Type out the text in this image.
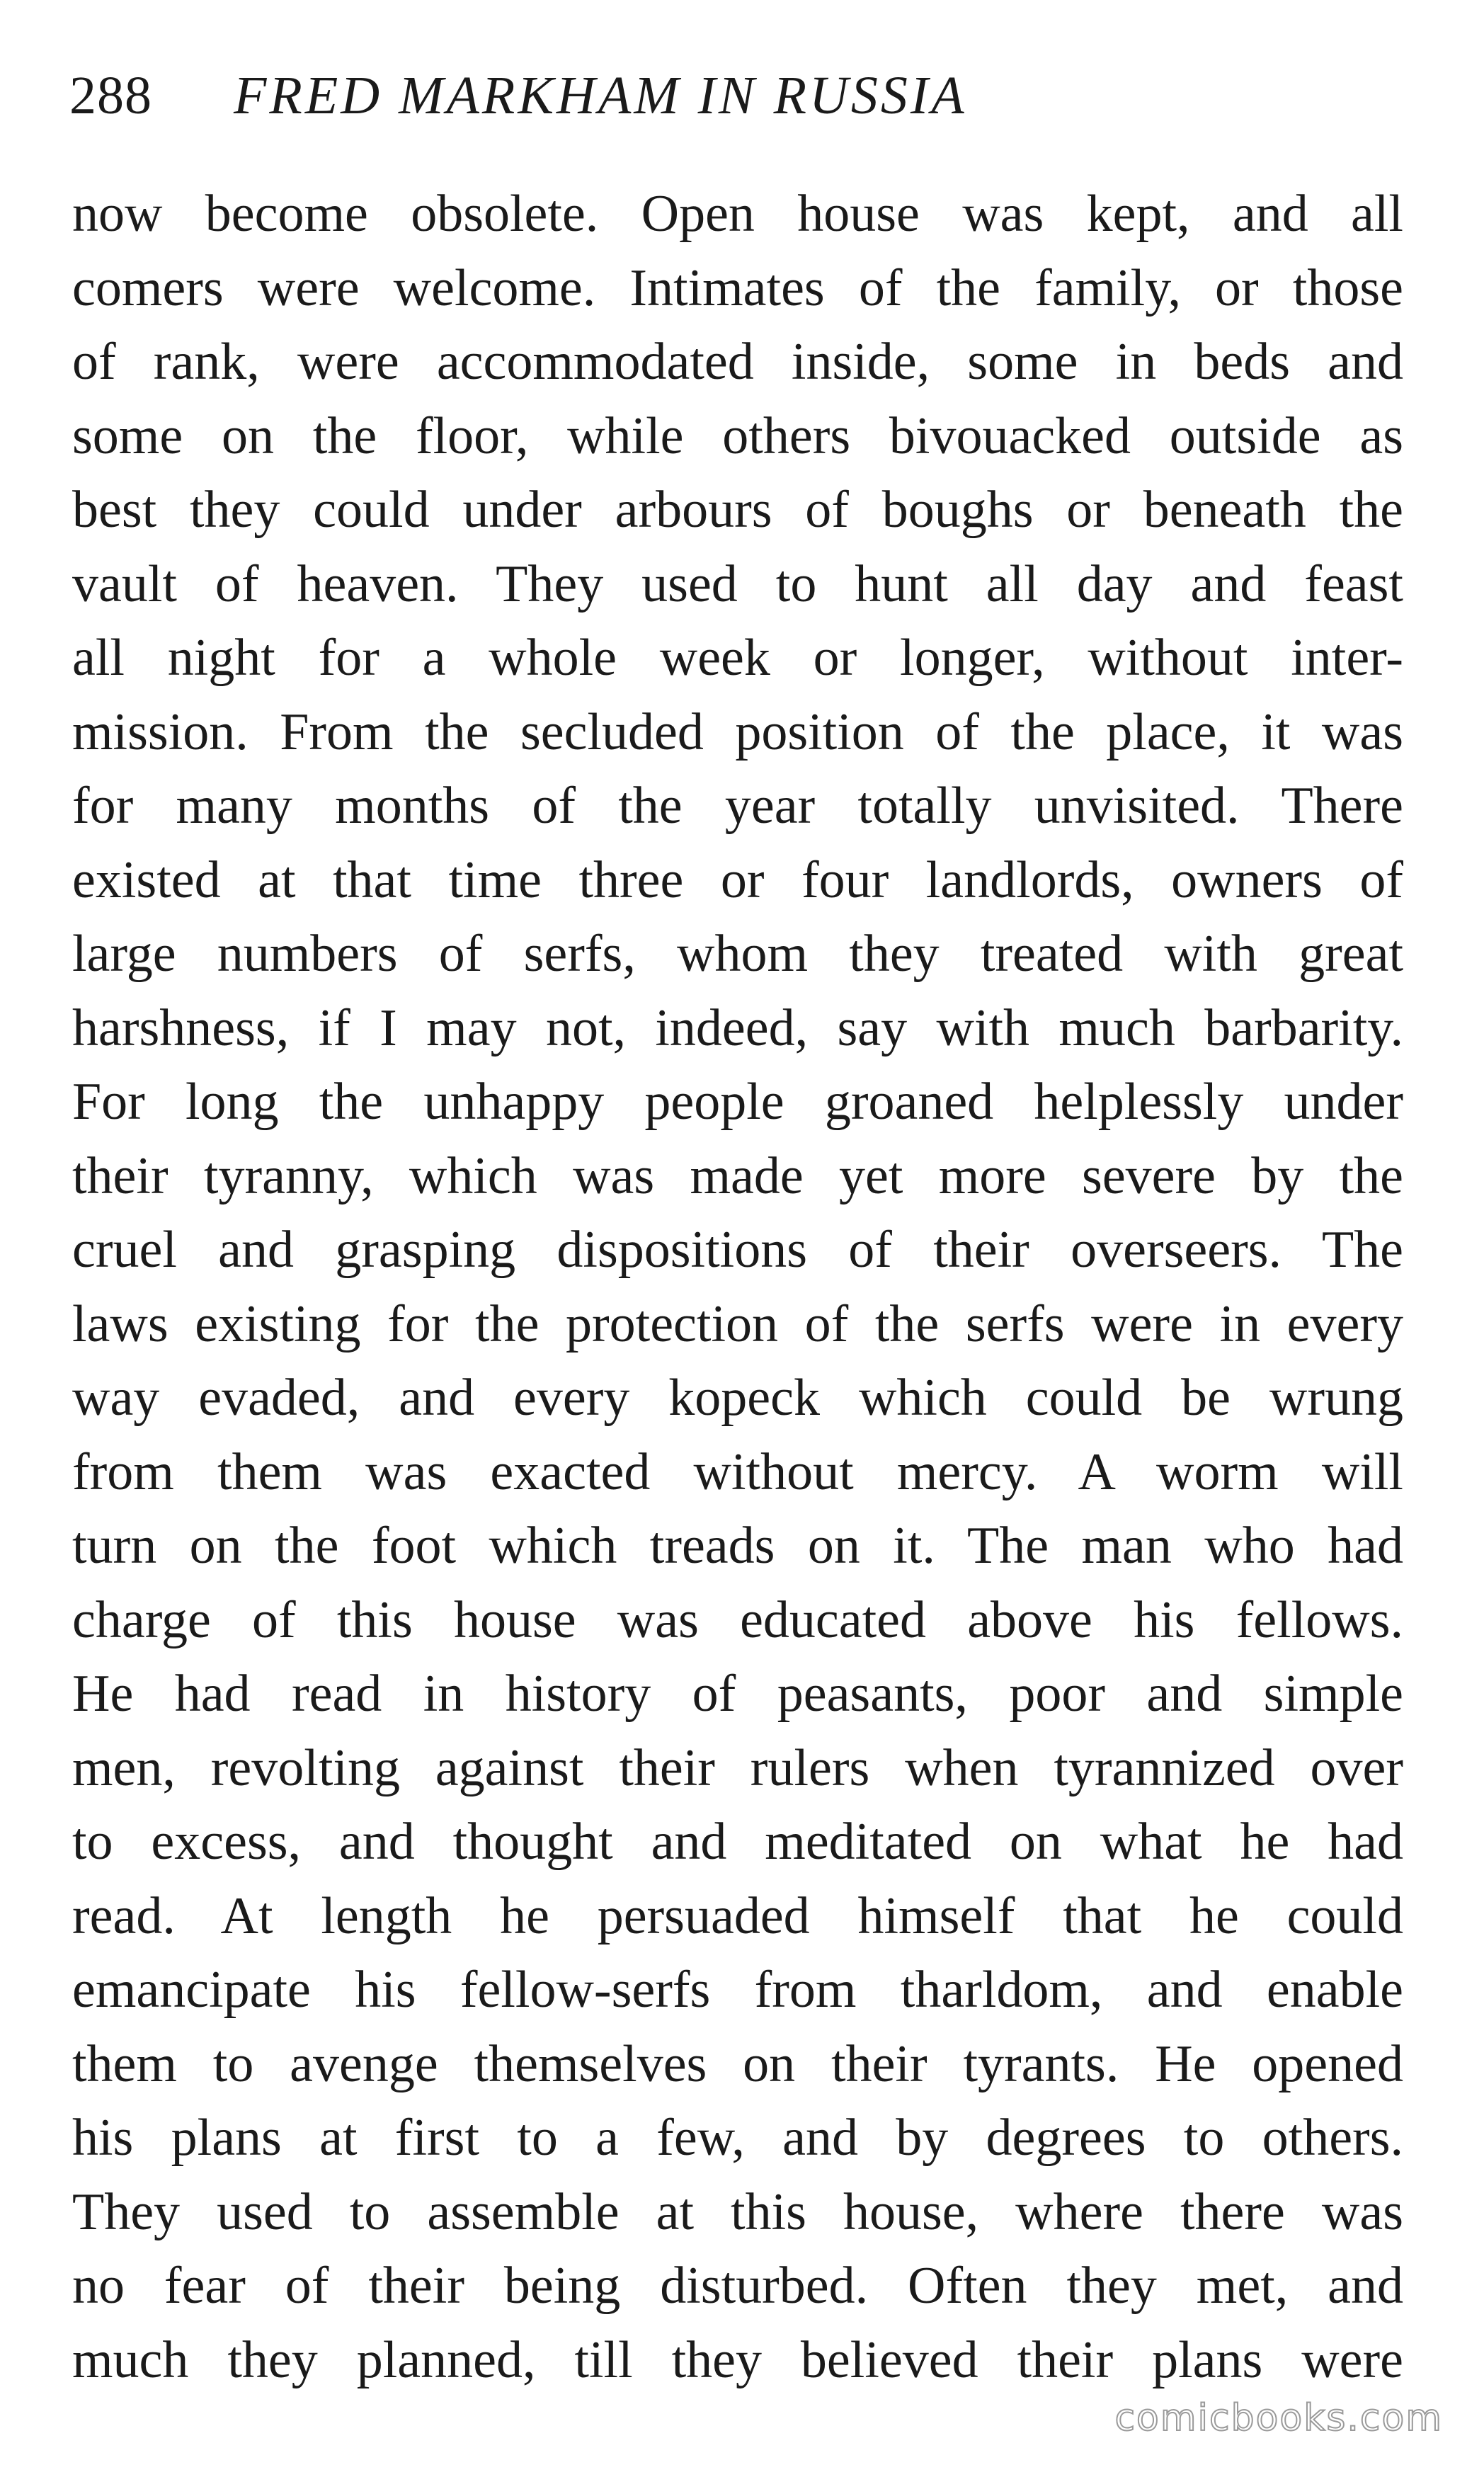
288 FRED MARKHAM IN RUSSIA
now become obsolete. Open house was kept, and all
comers were welcome. Intimates of the family, or those
of rank, were accommodated inside, some in beds and
some on the floor, while others bivouacked outside as
best they could under arbours of boughs or beneath the
vault of heaven. They used to hunt all day and feast
all night for a whole week or longer, without inter-
mission. From the secluded position of the place, it was
for many months of the year totally unvisited. There
existed at that time three or four landlords, owners of
large numbers of serfs, whom they treated with great
harshness, if I may not, indeed, say with much barbarity.
For long the unhappy people groaned helplessly under
their tyranny, which was made yet more severe by the
cruel and grasping dispositions of their overseers. The
laws existing for the protection of the serfs were in every
way evaded, and every kopeck which could be wrung
from them was exacted without mercy. A worm will
turn on the foot which treads on it. The man who had
charge of this house was educated above his fellows.
He had read in history of peasants, poor and simple
men, revolting against their rulers when tyrannized over
to excess, and thought and meditated on what he had
read. At length he persuaded himself that he could
emancipate his fellow-serfs from tharldom, and enable
them to avenge themselves on their tyrants. He opened
his plans at first to a few, and by degrees to others.
They used to assemble at this house, where there was
no fear of their being disturbed. Often they met, and
much they planned, till they believed their plans were
comicbooks.com
